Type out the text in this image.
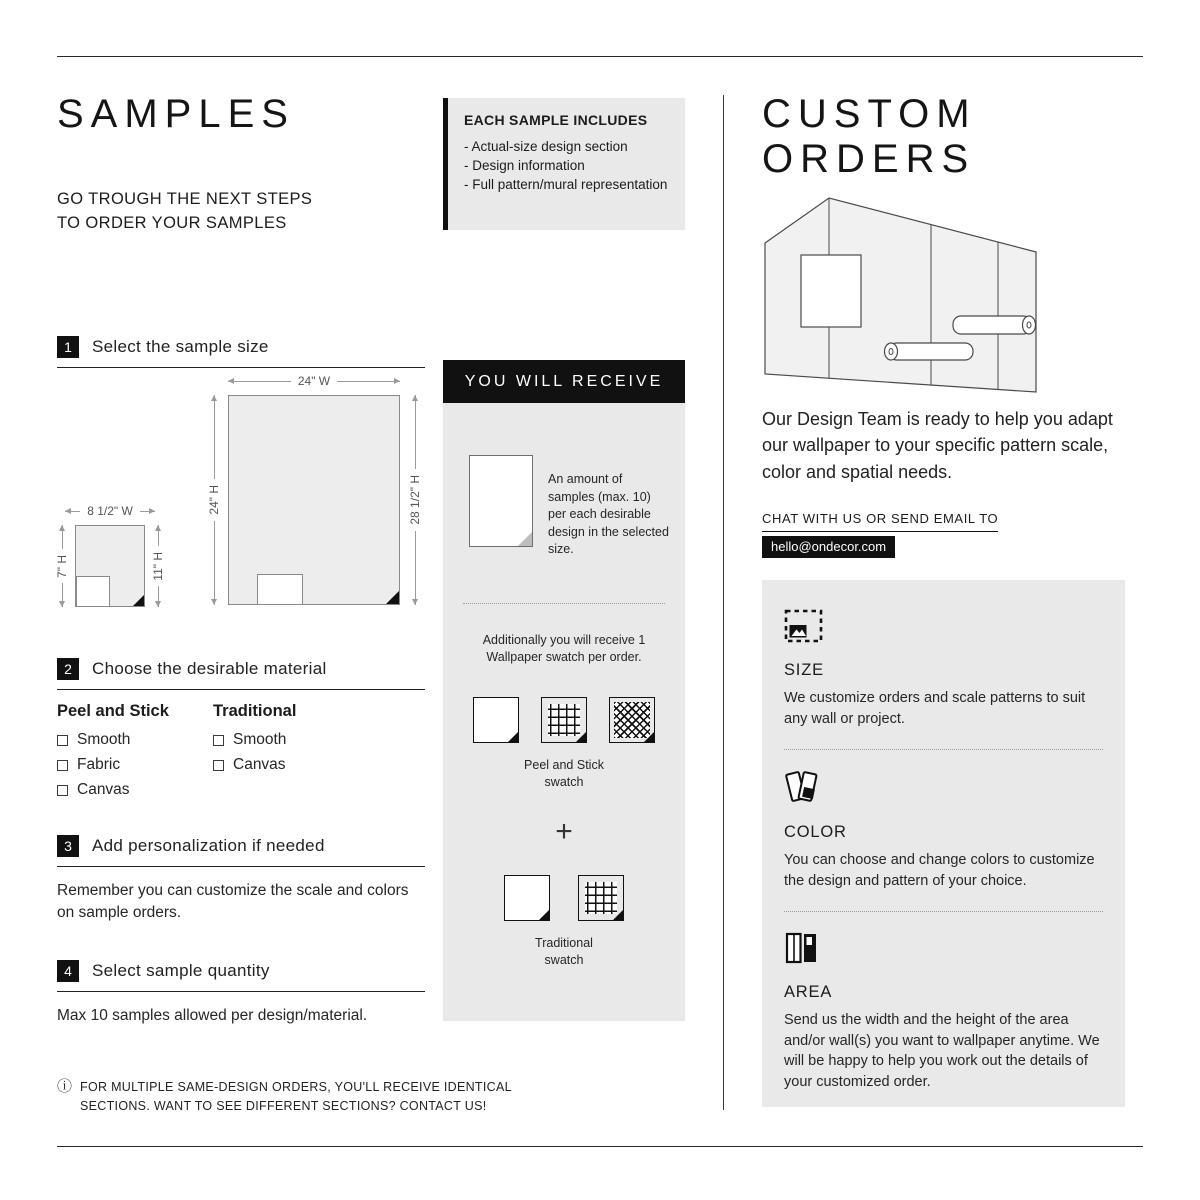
SAMPLES
GO TROUGH THE NEXT STEPS
TO ORDER YOUR SAMPLES
1	Select the sample size
24" W
24" H	28 1/2" H
8 1/2" W
7" H	11" H
2	Choose the desirable material
Peel and Stick
Smooth
Fabric
Canvas
Traditional
Smooth
Canvas
3	Add personalization if needed
Remember you can customize the scale and colors on sample orders.
4	Select sample quantity
Max 10 samples allowed per design/material.
ⓘ FOR MULTIPLE SAME-DESIGN ORDERS, YOU'LL RECEIVE IDENTICAL SECTIONS. WANT TO SEE DIFFERENT SECTIONS? CONTACT US!
EACH SAMPLE INCLUDES
- Actual-size design section
- Design information
- Full pattern/mural representation
YOU WILL RECEIVE
An amount of samples (max. 10) per each desirable design in the selected size.
Additionally you will receive 1 Wallpaper swatch per order.
Peel and Stick swatch
+
Traditional swatch
CUSTOM ORDERS
Our Design Team is ready to help you adapt our wallpaper to your specific pattern scale, color and spatial needs.
CHAT WITH US OR SEND EMAIL TO
hello@ondecor.com
SIZE
We customize orders and scale patterns to suit any wall or project.
COLOR
You can choose and change colors to customize the design and pattern of your choice.
AREA
Send us the width and the height of the area and/or wall(s) you want to wallpaper anytime. We will be happy to help you work out the details of your customized order.
